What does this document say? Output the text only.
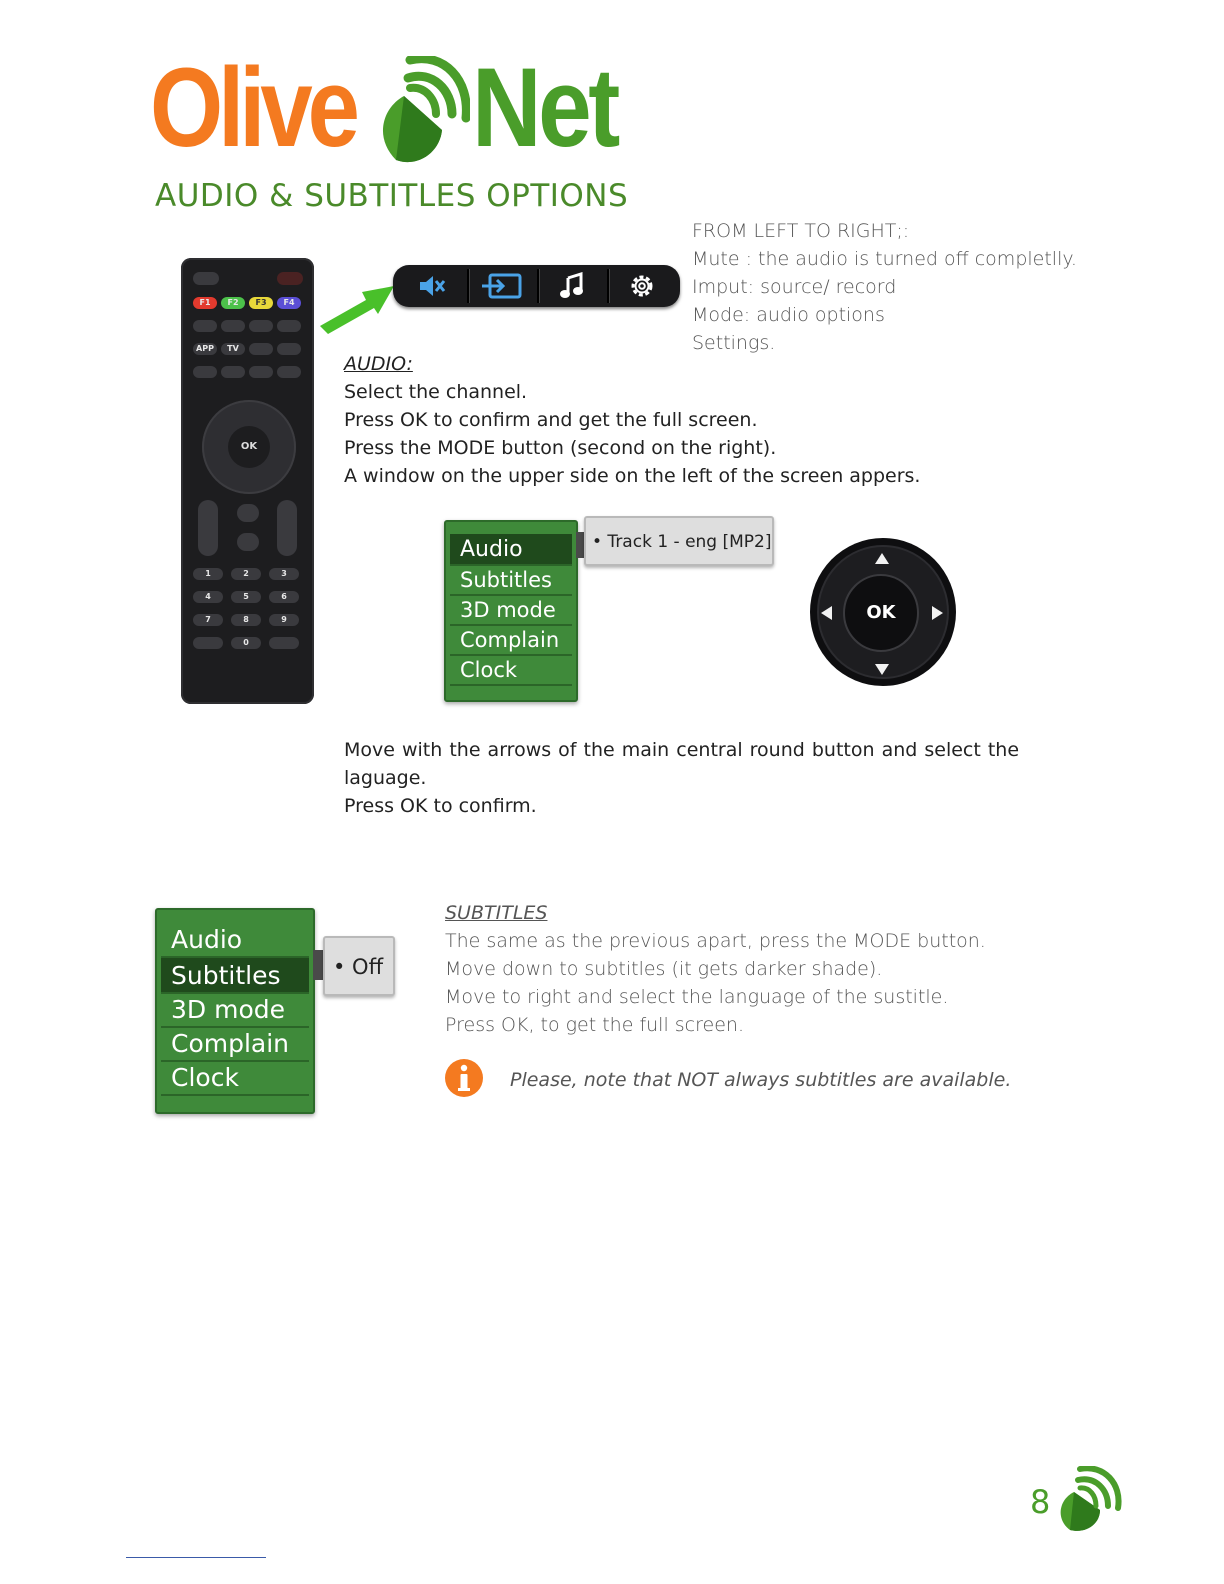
Olive Net
AUDIO & SUBTITLES OPTIONS
FROM LEFT TO RIGHT;:
Mute : the audio is turned off completlly.
Imput: source/ record
Mode: audio options
Settings.
F1	F2	F3	F4
APP	TV
OK
1	2	3
4	5	6
7	8	9
0
AUDIO:
Select the channel.
Press OK to confirm and get the full screen.
Press the MODE button (second on the right).
A window on the upper side on the left of the screen appers.
Audio
Subtitles
3D mode
Complain
Clock
• Track 1 - eng [MP2]
OK
Move with the arrows of the main central round button and select the
laguage.
Press OK to confirm.
Audio
Subtitles
3D mode
Complain
Clock
• Off
SUBTITLES
The same as the previous apart, press the MODE button.
Move down to subtitles (it gets darker shade).
Move to right and select the language of the sustitle.
Press OK, to get the full screen.
Please, note that NOT always subtitles are available.
8
